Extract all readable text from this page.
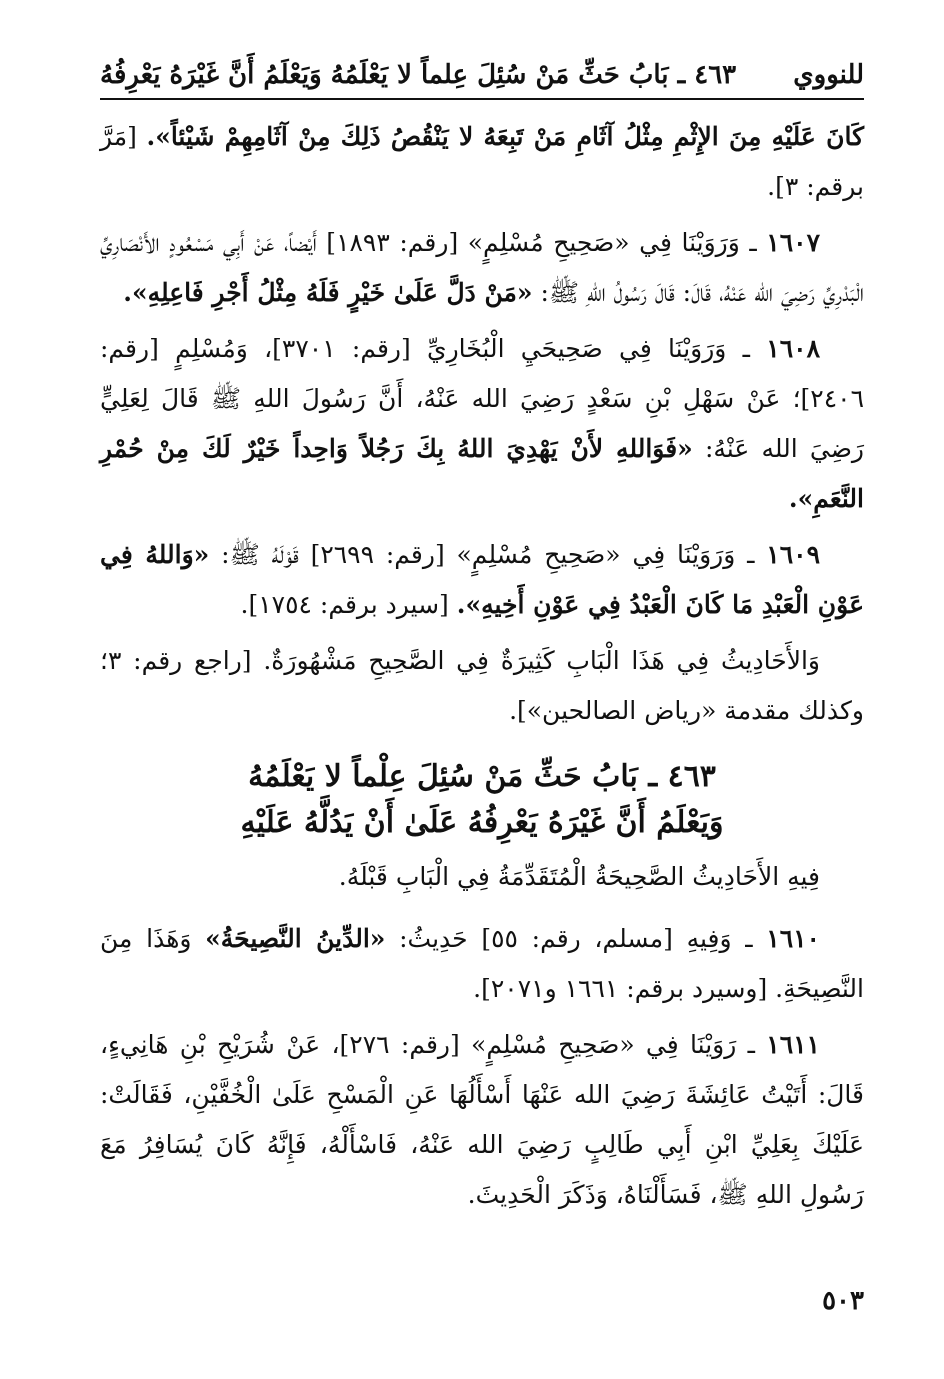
للنووي
٤٦٣ ـ بَابُ حَثِّ مَنْ سُئِلَ عِلماً لا يَعْلَمُهُ وَيَعْلَمُ أَنَّ غَيْرَهُ يَعْرِفُهُ

كَانَ عَلَيْهِ مِنَ الإِثْمِ مِثْلُ آثَامِ مَنْ تَبِعَهُ لا يَنْقُصُ ذَلِكَ مِنْ آثَامِهِمْ شَيْئاً». [مَرَّ برقم: ٣].

١٦٠٧ ـ وَرَوَيْنَا فِي «صَحِيحِ مُسْلِمٍ» [رقم: ١٨٩٣] أَيْضاً، عَنْ أَبِي مَسْعُودٍ الأَنْصَارِيِّ الْبَدْرِيِّ رَضِيَ الله عَنْهُ، قَالَ: قَالَ رَسُولُ اللهِ ﷺ: «مَنْ دَلَّ عَلَىٰ خَيْرٍ فَلَهُ مِثْلُ أَجْرِ فَاعِلِهِ».

١٦٠٨ ـ وَرَوَيْنَا فِي صَحِيحَيِ الْبُخَارِيِّ [رقم: ٣٧٠١]، وَمُسْلِمٍ [رقم: ٢٤٠٦]؛ عَنْ سَهْلِ بْنِ سَعْدٍ رَضِيَ الله عَنْهُ، أَنَّ رَسُولَ اللهِ ﷺ قَالَ لِعَلِيٍّ رَضِيَ الله عَنْهُ: «فَوَاللهِ لأَنْ يَهْدِيَ اللهُ بِكَ رَجُلاً وَاحِداً خَيْرٌ لَكَ مِنْ حُمْرِ النَّعَمِ».

١٦٠٩ ـ وَرَوَيْنَا فِي «صَحِيحِ مُسْلِمٍ» [رقم: ٢٦٩٩] قَوْلَهُ ﷺ: «وَاللهُ فِي عَوْنِ الْعَبْدِ مَا كَانَ الْعَبْدُ فِي عَوْنِ أَخِيهِ». [سيرد برقم: ١٧٥٤].

وَالأَحَادِيثُ فِي هَذَا الْبَابِ كَثِيرَةٌ فِي الصَّحِيحِ مَشْهُورَةٌ. [راجع رقم: ٣؛ وكذلك مقدمة «رياض الصالحين»].

٤٦٣ ـ بَابُ حَثِّ مَنْ سُئِلَ عِلْماً لا يَعْلَمُهُ
وَيَعْلَمُ أَنَّ غَيْرَهُ يَعْرِفُهُ عَلَىٰ أَنْ يَدُلَّهُ عَلَيْهِ

فِيهِ الأَحَادِيثُ الصَّحِيحَةُ الْمُتَقَدِّمَةُ فِي الْبَابِ قَبْلَهُ.

١٦١٠ ـ وَفِيهِ [مسلم، رقم: ٥٥] حَدِيثُ: «الدِّينُ النَّصِيحَةُ» وَهَذَا مِنَ النَّصِيحَةِ. [وسيرد برقم: ١٦٦١ و٢٠٧١].

١٦١١ ـ رَوَيْنَا فِي «صَحِيحِ مُسْلِمٍ» [رقم: ٢٧٦]، عَنْ شُرَيْحِ بْنِ هَانِيءٍ، قَالَ: أَتَيْتُ عَائِشَةَ رَضِيَ الله عَنْهَا أَسْأَلُهَا عَنِ الْمَسْحِ عَلَىٰ الْخُفَّيْنِ، فَقَالَتْ: عَلَيْكَ بِعَلِيِّ ابْنِ أَبِي طَالِبٍ رَضِيَ الله عَنْهُ، فَاسْأَلْهُ، فَإِنَّهُ كَانَ يُسَافِرُ مَعَ رَسُولِ اللهِ ﷺ، فَسَأَلْنَاهُ، وَذَكَرَ الْحَدِيثَ.

٥٠٣
